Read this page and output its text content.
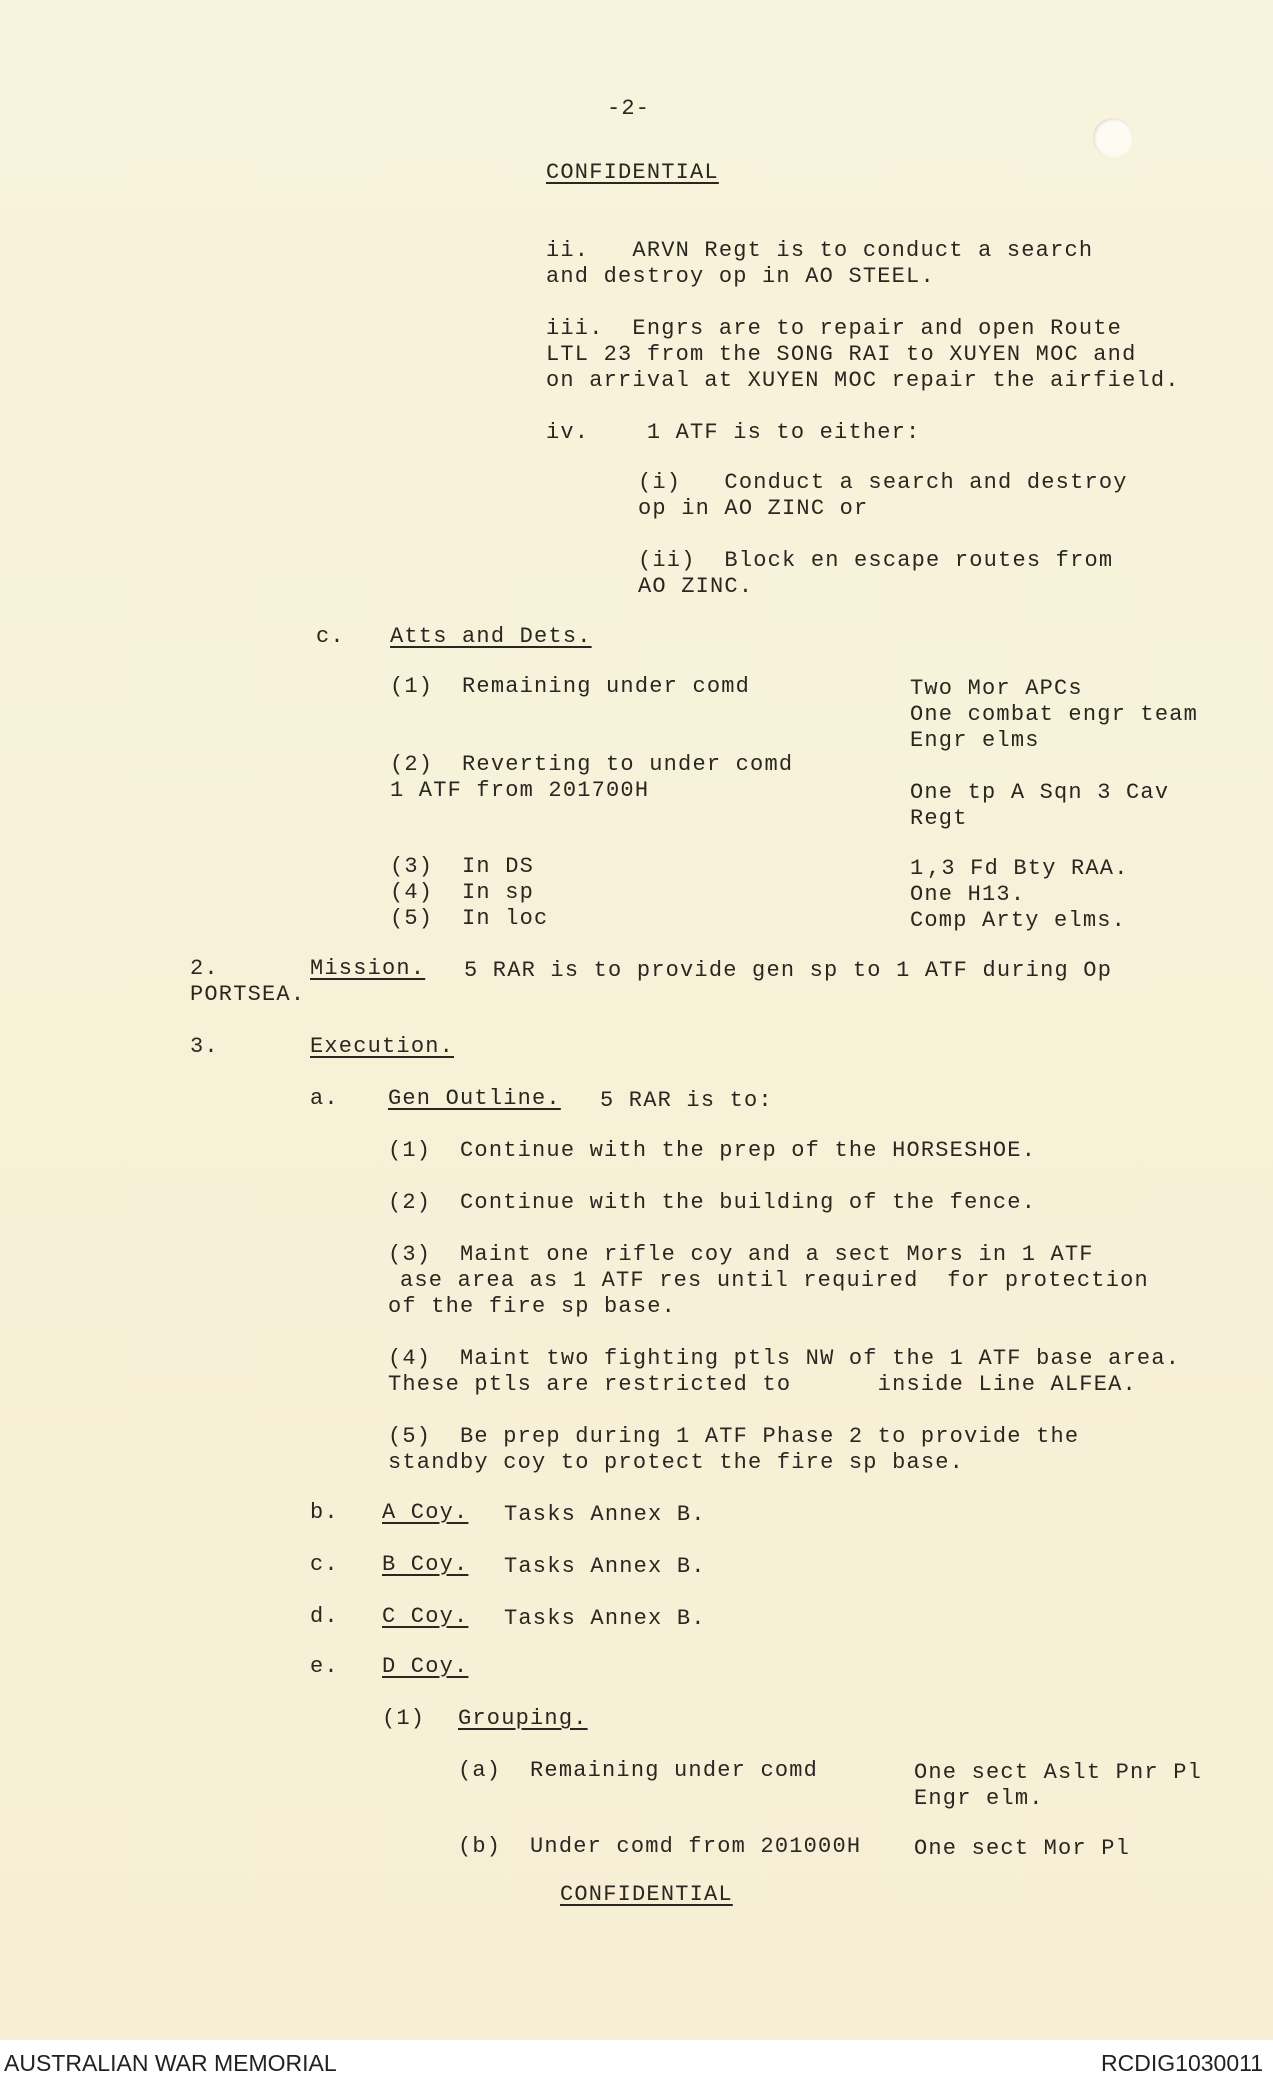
-2-
CONFIDENTIAL
ii.   ARVN Regt is to conduct a search
and destroy op in AO STEEL.
iii.  Engrs are to repair and open Route
LTL 23 from the SONG RAI to XUYEN MOC and
on arrival at XUYEN MOC repair the airfield.
iv.    1 ATF is to either:
(i)   Conduct a search and destroy
op in AO ZINC or
(ii)  Block en escape routes from
AO ZINC.
c. Atts and Dets.
(1)  Remaining under comd	Two Mor APCs
One combat engr team
Engr elms
(2)  Reverting to under comd
1 ATF from 201700H	One tp A Sqn 3 Cav
Regt
(3)  In DS	1 ,3 Fd Bty RAA.
(4)  In sp	One H13.
(5)  In loc	Comp Arty elms.
2.	Mission. 5 RAR is to provide gen sp to 1 ATF during Op
PORTSEA.
3.	Execution.
a. Gen Outline. 5 RAR is to:
(1)  Continue with the prep of the HORSESHOE.
(2)  Continue with the building of the fence.
(3)  Maint one rifle coy and a sect Mors in 1 ATF
ase area as 1 ATF res until required  for protection
of the fire sp base.
(4)  Maint two fighting ptls NW of the 1 ATF base area.
These ptls are restricted to      inside Line ALFEA.
(5)  Be prep during 1 ATF Phase 2 to provide the
standby coy to protect the fire sp base.
b. A Coy. Tasks Annex B.
c. B Coy. Tasks Annex B.
d. C Coy. Tasks Annex B.
e. D Coy.
(1) Grouping.
(a)  Remaining under comd	One sect Aslt Pnr Pl
Engr elm.
(b)  Under comd from 201000H One sect Mor Pl
CONFIDENTIAL
AUSTRALIAN WAR MEMORIAL	RCDIG1030011
